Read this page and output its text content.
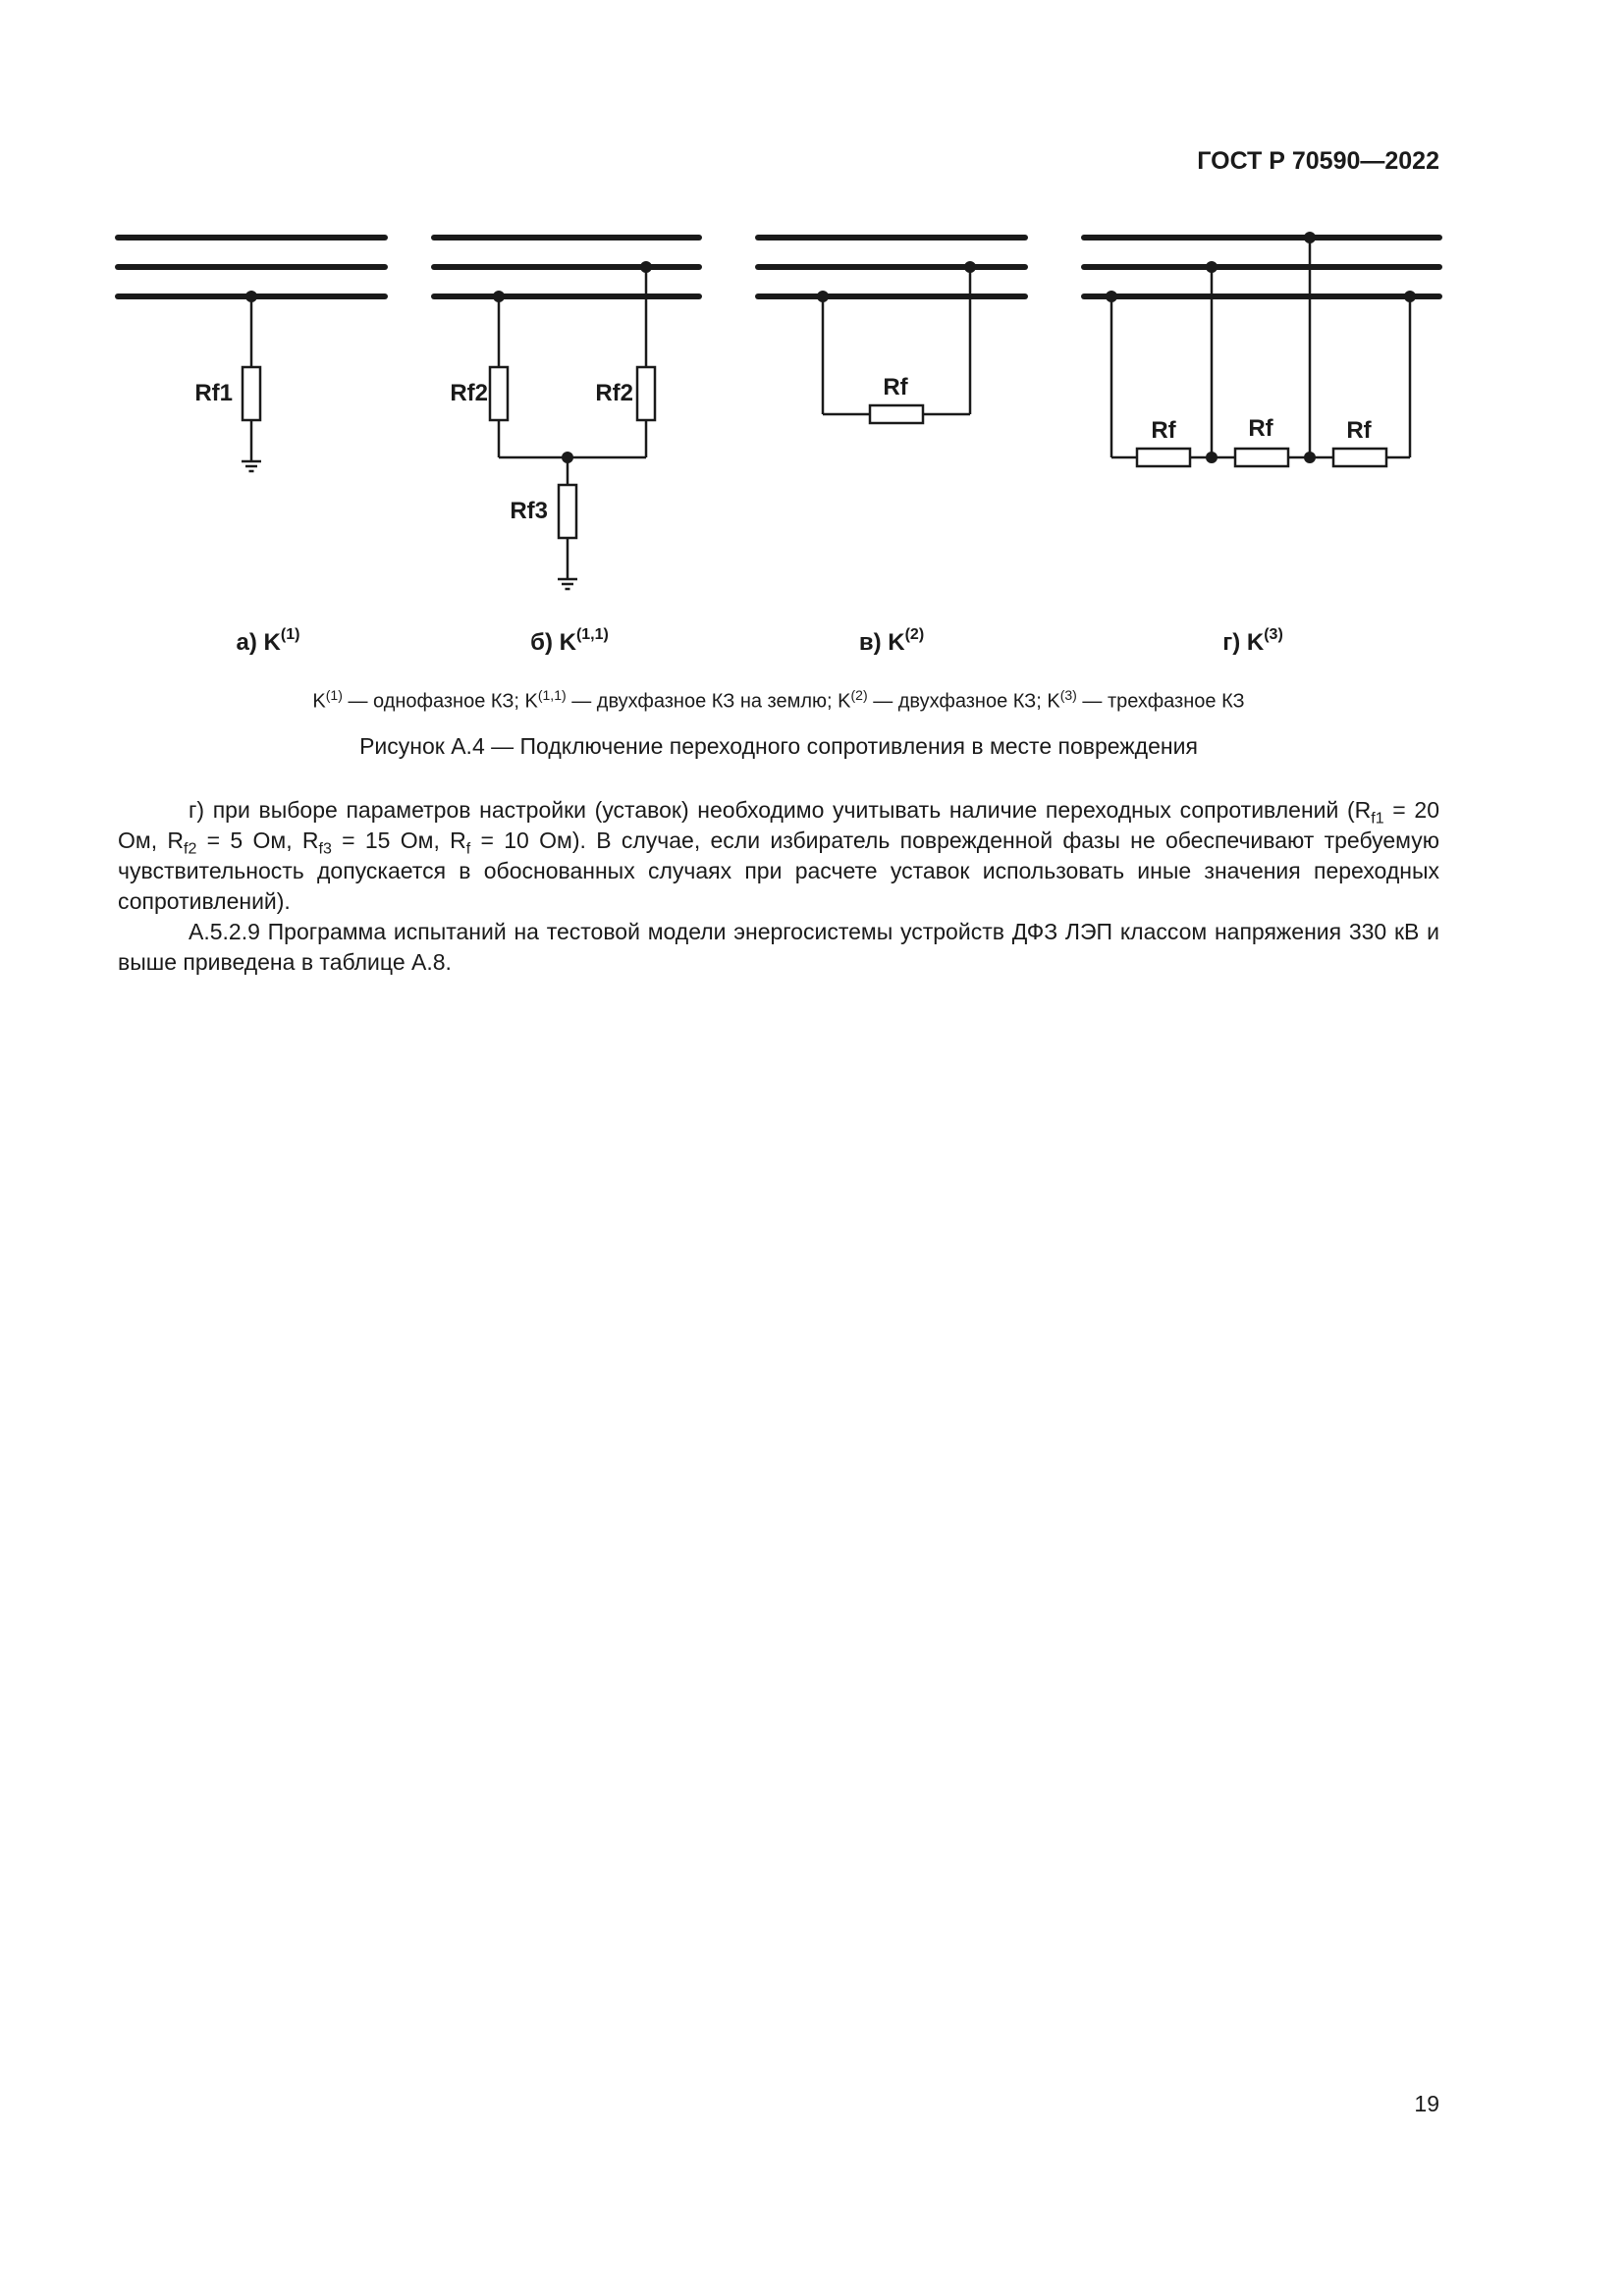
ГОСТ Р 70590—2022
Rf1
а) $K^{(1)}$
Rf2	Rf2
Rf3
б) K$^{(1,1)}$
Rf
в) $K^{(2)}$
Rf	Rf	Rf
г) $K^{(3)}$
$K^{(1)}$ — однофазное КЗ; K$^{(1,1)}$ — двухфазное КЗ на землю; $K^{(2)}$ — двухфазное КЗ; $K^{(3)}$ — трехфазное КЗ
Рисунок А.4 — Подключение переходного сопротивления в месте повреждения

г) при выборе параметров настройки (уставок) необходимо учитывать наличие переходных сопротивлений ($R_{f1} = 20$ Ом, $R_{f2} = 5$ Ом, $R_{f3} = 15$ Ом, $R_f = 10$ Ом). В случае, если избиратель поврежденной фазы не обеспечивают требуемую чувствительность допускается в обоснованных случаях при расчете уставок использовать иные значения переходных сопротивлений).

А.5.2.9 Программа испытаний на тестовой модели энергосистемы устройств ДФЗ ЛЭП классом напряжения 330 кВ и выше приведена в таблице А.8.

19
